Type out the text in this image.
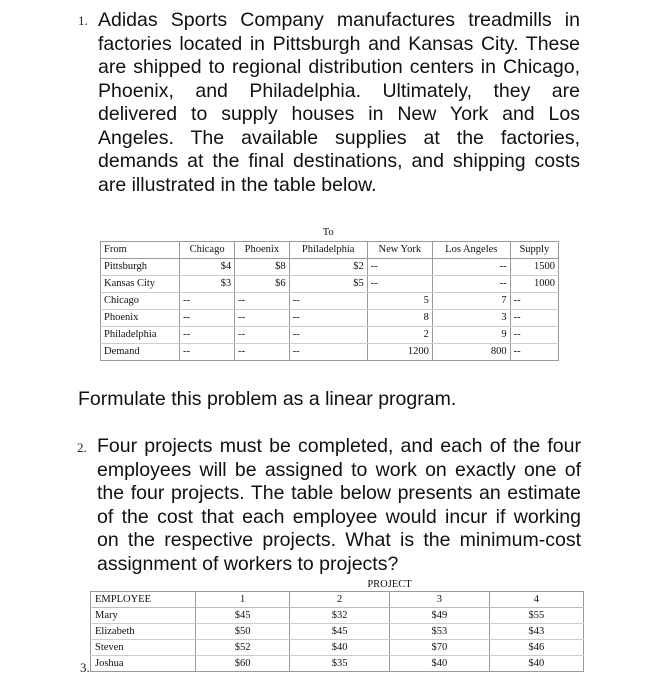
1. Adidas Sports Company manufactures treadmills in factories located in Pittsburgh and Kansas City. These are shipped to regional distribution centers in Chicago, Phoenix, and Philadelphia. Ultimately, they are delivered to supply houses in New York and Los Angeles. The available supplies at the factories, demands at the final destinations, and shipping costs are illustrated in the table below.

			To			
From	Chicago	Phoenix	Philadelphia	New York	Los Angeles	Supply
Pittsburgh	$4	$8	$2	--	--	1500
Kansas City	$3	$6	$5	--	--	1000
Chicago	--	--	--	5	7	--
Phoenix	--	--	--	8	3	--
Philadelphia	--	--	--	2	9	--
Demand	--	--	--	1200	800	--

Formulate this problem as a linear program.

2. Four projects must be completed, and each of the four employees will be assigned to work on exactly one of the four projects. The table below presents an estimate of the cost that each employee would incur if working on the respective projects. What is the minimum-cost assignment of workers to projects?

		PROJECT		
EMPLOYEE	1	2	3	4
Mary	$45	$32	$49	$55
Elizabeth	$50	$45	$53	$43
Steven	$52	$40	$70	$46
Joshua	$60	$35	$40	$40
3.
